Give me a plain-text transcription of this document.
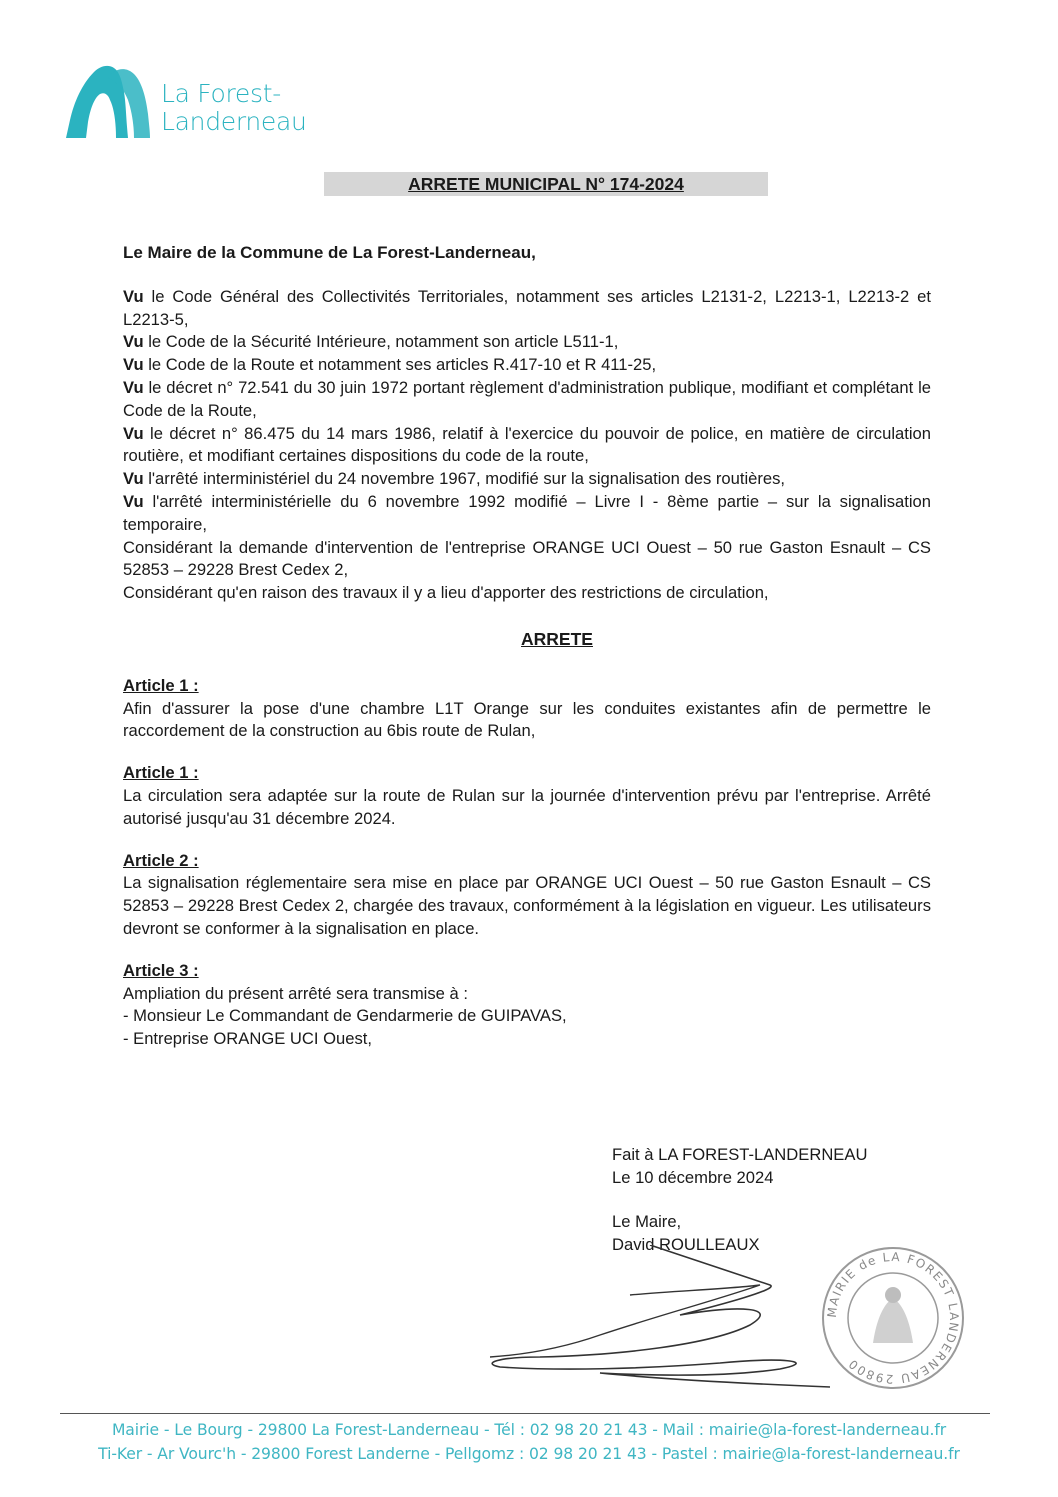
La Forest-
Landerneau
ARRETE MUNICIPAL N° 174-2024

Le Maire de la Commune de La Forest-Landerneau,

Vu le Code Général des Collectivités Territoriales, notamment ses articles L2131-2, L2213-1, L2213-2 et L2213-5,

Vu le Code de la Sécurité Intérieure, notamment son article L511-1,

Vu le Code de la Route et notamment ses articles R.417-10 et R 411-25,

Vu le décret n° 72.541 du 30 juin 1972 portant règlement d'administration publique, modifiant et complétant le Code de la Route,

Vu le décret n° 86.475 du 14 mars 1986, relatif à l'exercice du pouvoir de police, en matière de circulation routière, et modifiant certaines dispositions du code de la route,

Vu l'arrêté interministériel du 24 novembre 1967, modifié sur la signalisation des routières,

Vu l'arrêté interministérielle du 6 novembre 1992 modifié – Livre I - 8ème partie – sur la signalisation temporaire,

Considérant la demande d'intervention de l'entreprise ORANGE UCI Ouest – 50 rue Gaston Esnault – CS 52853 – 29228 Brest Cedex 2,

Considérant qu'en raison des travaux il y a lieu d'apporter des restrictions de circulation,

ARRETE

Article 1 :

Afin d'assurer la pose d'une chambre L1T Orange sur les conduites existantes afin de permettre le raccordement de la construction au 6bis route de Rulan,

Article 1 :

La circulation sera adaptée sur la route de Rulan sur la journée d'intervention prévu par l'entreprise. Arrêté autorisé jusqu'au 31 décembre 2024.

Article 2 :

La signalisation réglementaire sera mise en place par ORANGE UCI Ouest – 50 rue Gaston Esnault – CS 52853 – 29228 Brest Cedex 2, chargée des travaux, conformément à la législation en vigueur. Les utilisateurs devront se conformer à la signalisation en place.

Article 3 :

Ampliation du présent arrêté sera transmise à :

- Monsieur Le Commandant de Gendarmerie de GUIPAVAS,

- Entreprise ORANGE UCI Ouest,

Fait à LA FOREST-LANDERNEAU
Le 10 décembre 2024
Le Maire,
David ROULLEAUX
MAIRIE de LA FOREST LANDERNEAU 29800
Mairie - Le Bourg - 29800 La Forest-Landerneau - Tél : 02 98 20 21 43 - Mail : mairie@la-forest-landerneau.fr
Ti-Ker - Ar Vourc'h - 29800 Forest Landerne - Pellgomz : 02 98 20 21 43 - Pastel : mairie@la-forest-landerneau.fr
